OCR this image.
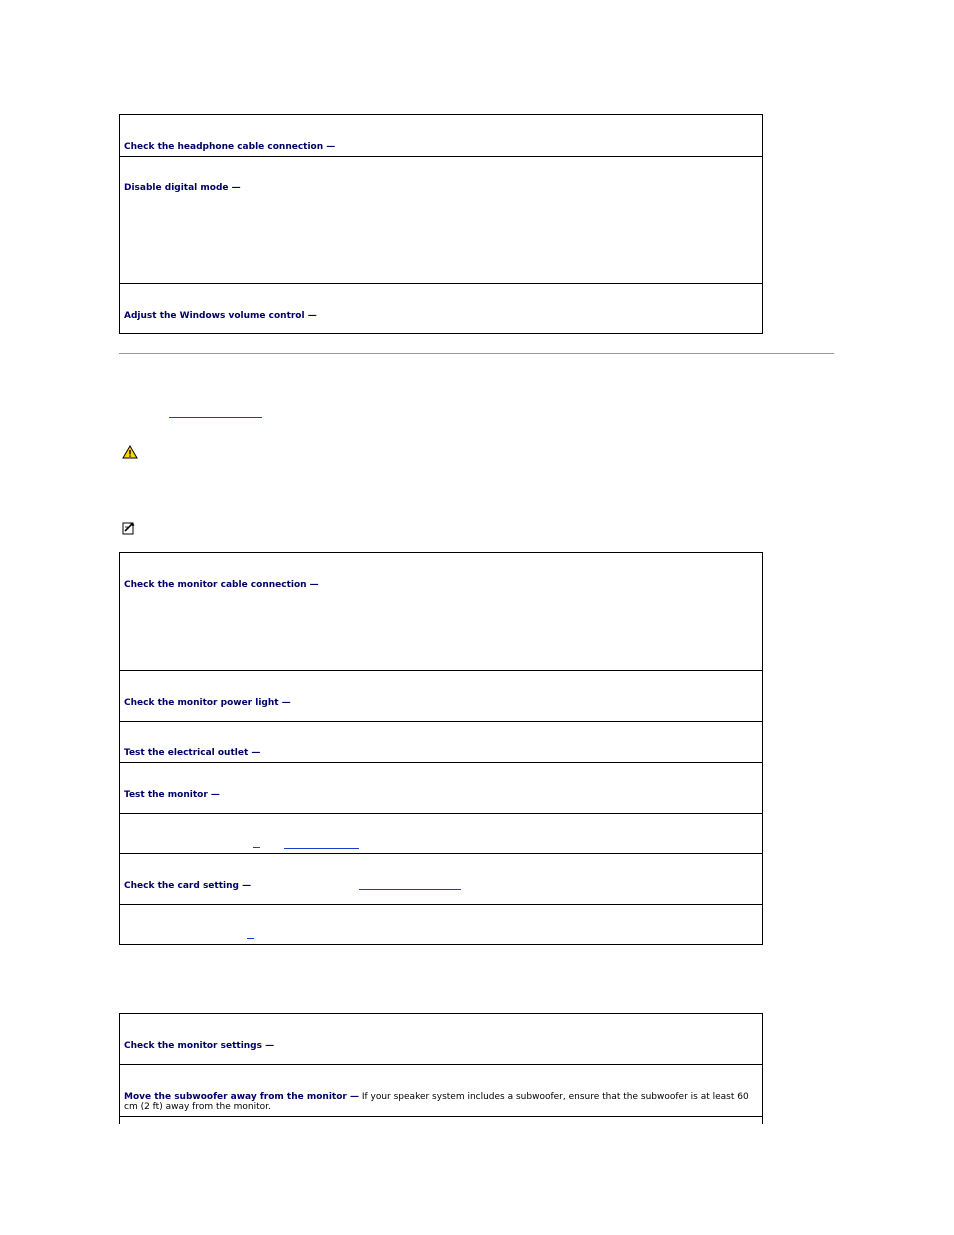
Check the headphone cable connection —
Disable digital mode —
Adjust the Windows volume control —
Check the monitor cable connection —
Check the monitor power light —
Test the electrical outlet —
Test the monitor —
Check the card setting —
Check the monitor settings —
Move the subwoofer away from the monitor — If your speaker system includes a subwoofer, ensure that the subwoofer is at least 60 cm (2 ft) away from the monitor.
